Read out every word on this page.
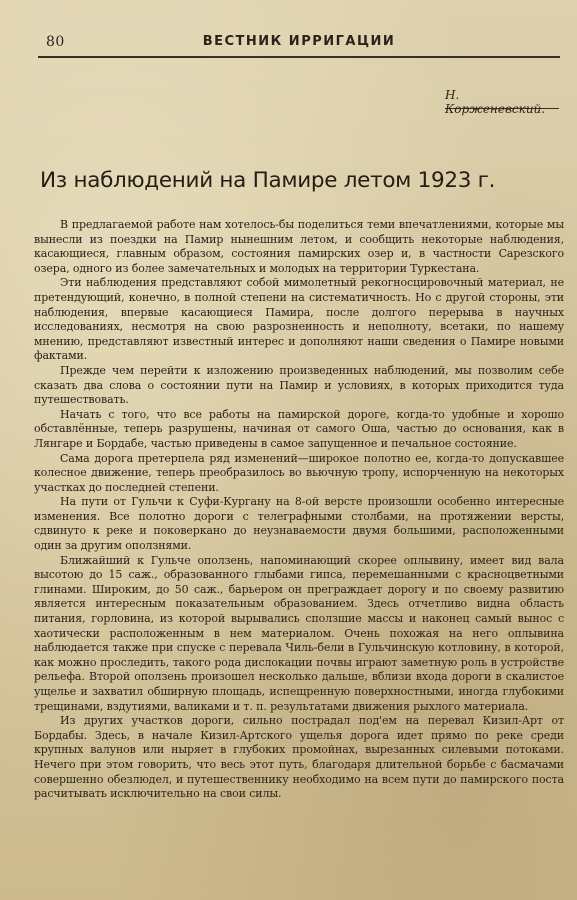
80	ВЕСТНИК ИРРИГАЦИИ
Н. Корженевский.
Из наблюдений на Памире летом 1923 г.

В предлагаемой работе нам хотелось-бы поделиться теми впечатлениями, которые мы вынесли из поездки на Памир нынешним летом, и сообщить некоторые наблюдения, касающиеся, главным образом, состояния памирских озер и, в частности Сарезского озера, одного из более замечательных и молодых на территории Туркестана.

Эти наблюдения представляют собой мимолетный рекогносцировочный материал, не претендующий, конечно, в полной степени на систематичность. Но с другой стороны, эти наблюдения, впервые касающиеся Памира, после долгого перерыва в научных исследованиях, несмотря на свою разрозненность и неполноту, всетаки, по нашему мнению, представляют известный интерес и дополняют наши сведения о Памире новыми фактами.

Прежде чем перейти к изложению произведенных наблюдений, мы позволим себе сказать два слова о состоянии пути на Памир и условиях, в которых приходится туда путешествовать.

Начать с того, что все работы на памирской дороге, когда-то удобные и хорошо обставлённые, теперь разрушены, начиная от самого Оша, частью до основания, как в Лянгаре и Бордабе, частью приведены в самое запущенное и печальное состояние.

Сама дорога претерпела ряд изменений—широкое полотно ее, когда-то допускавшее колесное движение, теперь преобразилось во вьючную тропу, испорченную на некоторых участках до последней степени.

На пути от Гульчи к Суфи-Кургану на 8-ой версте произошли особенно интересные изменения. Все полотно дороги с телеграфными столбами, на протяжении версты, сдвинуто к реке и поковеркано до неузнаваемости двумя большими, расположенными один за другим оползнями.

Ближайший к Гульче оползень, напоминающий скорее оплывину, имеет вид вала высотою до 15 саж., образованного глыбами гипса, перемешанными с красноцветными глинами. Широким, до 50 саж., барьером он преграждает дорогу и по своему развитию является интересным показательным образованием. Здесь отчетливо видна область питания, горловина, из которой вырывались сползшие массы и наконец самый вынос с хаотически расположенным в нем материалом. Очень похожая на него оплывина наблюдается также при спуске с перевала Чиль-бели в Гульчинскую котловину, в которой, как можно проследить, такого рода дислокации почвы играют заметную роль в устройстве рельефа. Второй оползень произошел несколько дальше, вблизи входа дороги в скалистое ущелье и захватил обширную площадь, испещренную поверхностными, иногда глубокими трещинами, вздутиями, валиками и т. п. результатами движения рыхлого материала.

Из других участков дороги, сильно пострадал под'ем на перевал Кизил-Арт от Бордабы. Здесь, в начале Кизил-Артского ущелья дорога идет прямо по реке среди крупных валунов или ныряет в глубоких промойнах, вырезанных силевыми потоками. Нечего при этом говорить, что весь этот путь, благодаря длительной борьбе с басмачами совершенно обезлюдел, и путешественнику необходимо на всем пути до памирского поста расчитывать исключительно на свои силы.
